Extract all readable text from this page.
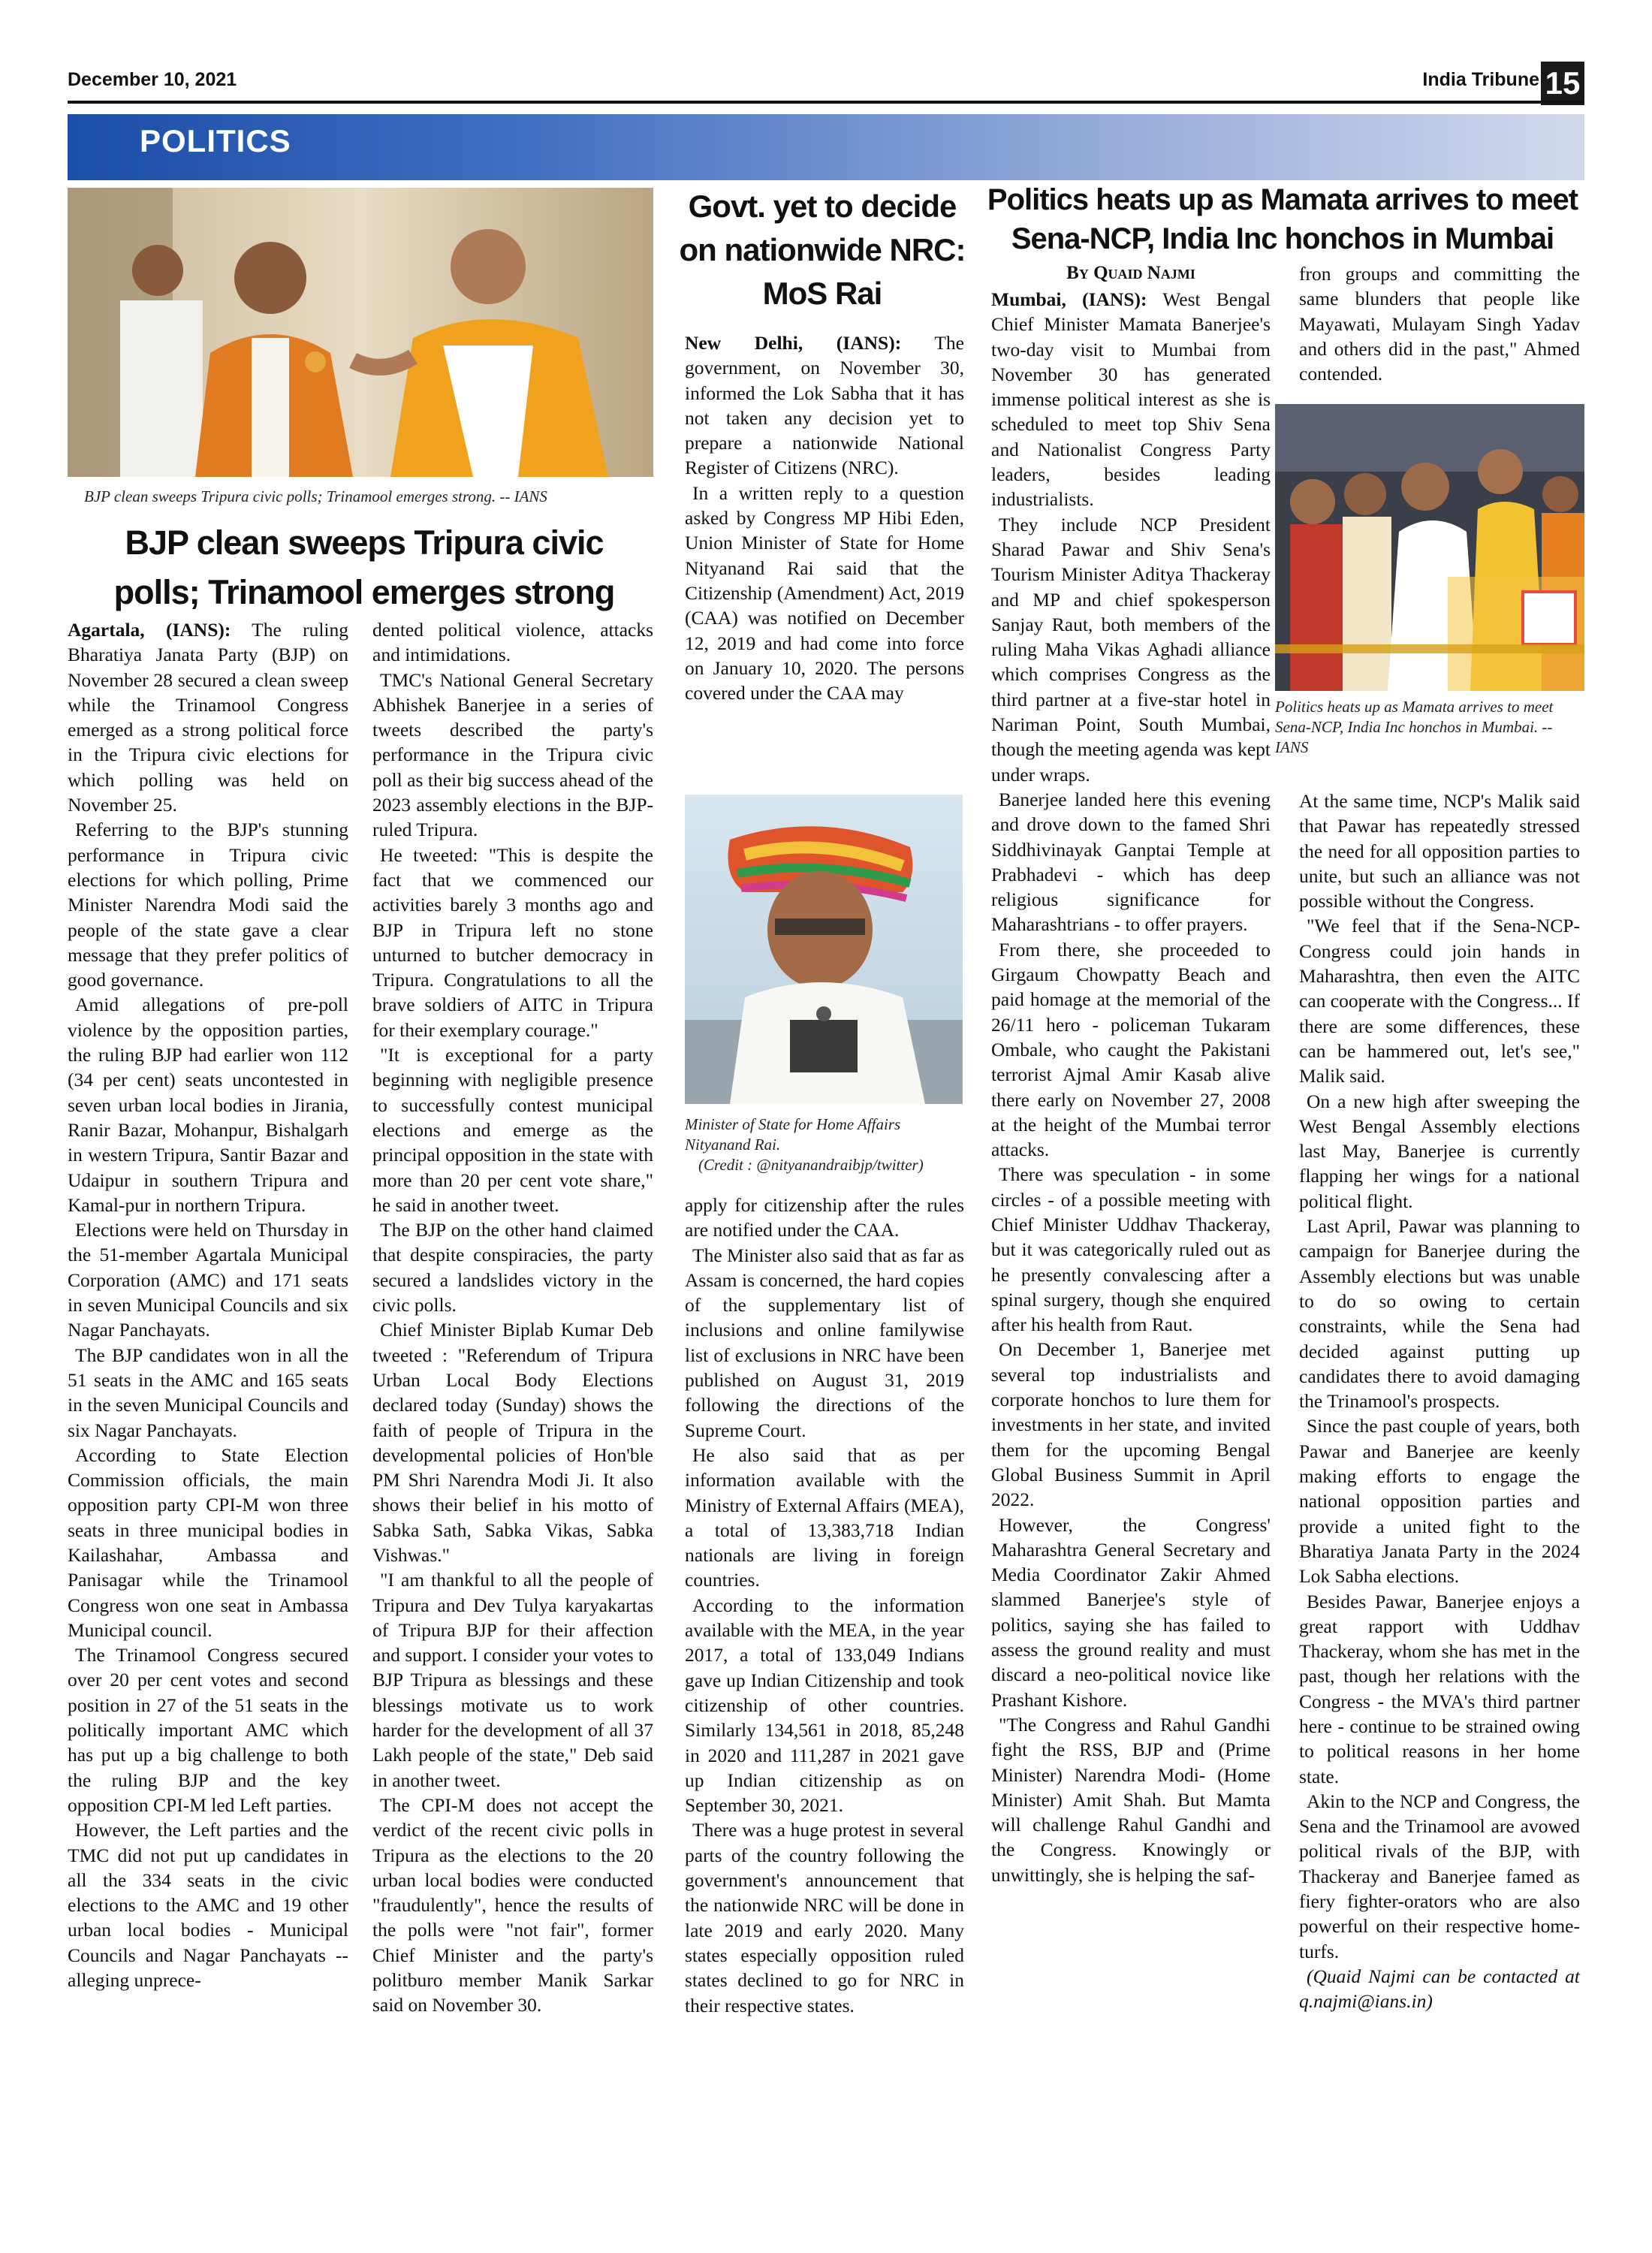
December 10, 2021	India Tribune 15
POLITICS
BJP clean sweeps Tripura civic polls; Trinamool emerges strong. -- IANS
BJP clean sweeps Tripura civic
polls; Trinamool emerges strong

Agartala, (IANS): The ruling Bharatiya Janata Party (BJP) on November 28 secured a clean sweep while the Trinamool Congress emerged as a strong political force in the Tripura civic elections for which polling was held on November 25.

Referring to the BJP's stunning performance in Tripura civic elections for which polling, Prime Minister Narendra Modi said the people of the state gave a clear message that they prefer politics of good governance.

Amid allegations of pre-poll violence by the opposition parties, the ruling BJP had earlier won 112 (34 per cent) seats uncontested in seven urban local bodies in Jirania, Ranir Bazar, Mohanpur, Bishalgarh in western Tripura, Santir Bazar and Udaipur in southern Tripura and Kamal-pur in northern Tripura.

Elections were held on Thursday in the 51-member Agartala Municipal Corporation (AMC) and 171 seats in seven Municipal Councils and six Nagar Panchayats.

The BJP candidates won in all the 51 seats in the AMC and 165 seats in the seven Municipal Councils and six Nagar Panchayats.

According to State Election Commission officials, the main opposition party CPI-M won three seats in three municipal bodies in Kailashahar, Ambassa and Panisagar while the Trinamool Congress won one seat in Ambassa Municipal council.

The Trinamool Congress secured over 20 per cent votes and second position in 27 of the 51 seats in the politically important AMC which has put up a big challenge to both the ruling BJP and the key opposition CPI-M led Left parties.

However, the Left parties and the TMC did not put up candidates in all the 334 seats in the civic elections to the AMC and 19 other urban local bodies - Municipal Councils and Nagar Panchayats -- alleging unprece-

dented political violence, attacks and intimidations.

TMC's National General Secretary Abhishek Banerjee in a series of tweets described the party's performance in the Tripura civic poll as their big success ahead of the 2023 assembly elections in the BJP-ruled Tripura.

He tweeted: "This is despite the fact that we commenced our activities barely 3 months ago and BJP in Tripura left no stone unturned to butcher democracy in Tripura. Congratulations to all the brave soldiers of AITC in Tripura for their exemplary courage."

"It is exceptional for a party beginning with negligible presence to successfully contest municipal elections and emerge as the principal opposition in the state with more than 20 per cent vote share," he said in another tweet.

The BJP on the other hand claimed that despite conspiracies, the party secured a landslides victory in the civic polls.

Chief Minister Biplab Kumar Deb tweeted : "Referendum of Tripura Urban Local Body Elections declared today (Sunday) shows the faith of people of Tripura in the developmental policies of Hon'ble PM Shri Narendra Modi Ji. It also shows their belief in his motto of Sabka Sath, Sabka Vikas, Sabka Vishwas."

"I am thankful to all the people of Tripura and Dev Tulya karyakartas of Tripura BJP for their affection and support. I consider your votes to BJP Tripura as blessings and these blessings motivate us to work harder for the development of all 37 Lakh people of the state," Deb said in another tweet.

The CPI-M does not accept the verdict of the recent civic polls in Tripura as the elections to the 20 urban local bodies were conducted "fraudulently", hence the results of the polls were "not fair", former Chief Minister and the party's politburo member Manik Sarkar said on November 30.

Govt. yet to decide
on nationwide NRC:
MoS Rai

New Delhi, (IANS): The government, on November 30, informed the Lok Sabha that it has not taken any decision yet to prepare a nationwide National Register of Citizens (NRC).

In a written reply to a question asked by Congress MP Hibi Eden, Union Minister of State for Home Nityanand Rai said that the Citizenship (Amendment) Act, 2019 (CAA) was notified on December 12, 2019 and had come into force on January 10, 2020. The persons covered under the CAA may

Minister of State for Home Affairs Nityanand Rai.
(Credit : @nityanandraibjp/twitter)

apply for citizenship after the rules are notified under the CAA.

The Minister also said that as far as Assam is concerned, the hard copies of the supplementary list of inclusions and online familywise list of exclusions in NRC have been published on August 31, 2019 following the directions of the Supreme Court.

He also said that as per information available with the Ministry of External Affairs (MEA), a total of 13,383,718 Indian nationals are living in foreign countries.

According to the information available with the MEA, in the year 2017, a total of 133,049 Indians gave up Indian Citizenship and took citizenship of other countries. Similarly 134,561 in 2018, 85,248 in 2020 and 111,287 in 2021 gave up Indian citizenship as on September 30, 2021.

There was a huge protest in several parts of the country following the government's announcement that the nationwide NRC will be done in late 2019 and early 2020. Many states especially opposition ruled states declined to go for NRC in their respective states.

Politics heats up as Mamata arrives to meet
Sena-NCP, India Inc honchos in Mumbai
By Quaid Najmi

Mumbai, (IANS): West Bengal Chief Minister Mamata Banerjee's two-day visit to Mumbai from November 30 has generated immense political interest as she is scheduled to meet top Shiv Sena and Nationalist Congress Party leaders, besides leading industrialists.

They include NCP President Sharad Pawar and Shiv Sena's Tourism Minister Aditya Thackeray and MP and chief spokesperson Sanjay Raut, both members of the ruling Maha Vikas Aghadi alliance which comprises Congress as the third partner at a five-star hotel in Nariman Point, South Mumbai, though the meeting agenda was kept under wraps.

Banerjee landed here this evening and drove down to the famed Shri Siddhivinayak Ganptai Temple at Prabhadevi - which has deep religious significance for Maharashtrians - to offer prayers.

From there, she proceeded to Girgaum Chowpatty Beach and paid homage at the memorial of the 26/11 hero - policeman Tukaram Ombale, who caught the Pakistani terrorist Ajmal Amir Kasab alive there early on November 27, 2008 at the height of the Mumbai terror attacks.

There was speculation - in some circles - of a possible meeting with Chief Minister Uddhav Thackeray, but it was categorically ruled out as he presently convalescing after a spinal surgery, though she enquired after his health from Raut.

On December 1, Banerjee met several top industrialists and corporate honchos to lure them for investments in her state, and invited them for the upcoming Bengal Global Business Summit in April 2022.

However, the Congress' Maharashtra General Secretary and Media Coordinator Zakir Ahmed slammed Banerjee's style of politics, saying she has failed to assess the ground reality and must discard a neo-political novice like Prashant Kishore.

"The Congress and Rahul Gandhi fight the RSS, BJP and (Prime Minister) Narendra Modi- (Home Minister) Amit Shah. But Mamta will challenge Rahul Gandhi and the Congress. Knowingly or unwittingly, she is helping the saf-

fron groups and committing the same blunders that people like Mayawati, Mulayam Singh Yadav and others did in the past," Ahmed contended.

Politics heats up as Mamata arrives to meet Sena-NCP, India Inc honchos in Mumbai. -- IANS

At the same time, NCP's Malik said that Pawar has repeatedly stressed the need for all opposition parties to unite, but such an alliance was not possible without the Congress.

"We feel that if the Sena-NCP-Congress could join hands in Maharashtra, then even the AITC can cooperate with the Congress... If there are some differences, these can be hammered out, let's see," Malik said.

On a new high after sweeping the West Bengal Assembly elections last May, Banerjee is currently flapping her wings for a national political flight.

Last April, Pawar was planning to campaign for Banerjee during the Assembly elections but was unable to do so owing to certain constraints, while the Sena had decided against putting up candidates there to avoid damaging the Trinamool's prospects.

Since the past couple of years, both Pawar and Banerjee are keenly making efforts to engage the national opposition parties and provide a united fight to the Bharatiya Janata Party in the 2024 Lok Sabha elections.

Besides Pawar, Banerjee enjoys a great rapport with Uddhav Thackeray, whom she has met in the past, though her relations with the Congress - the MVA's third partner here - continue to be strained owing to political reasons in her home state.

Akin to the NCP and Congress, the Sena and the Trinamool are avowed political rivals of the BJP, with Thackeray and Banerjee famed as fiery fighter-orators who are also powerful on their respective home-turfs.

(Quaid Najmi can be contacted at q.najmi@ians.in)
